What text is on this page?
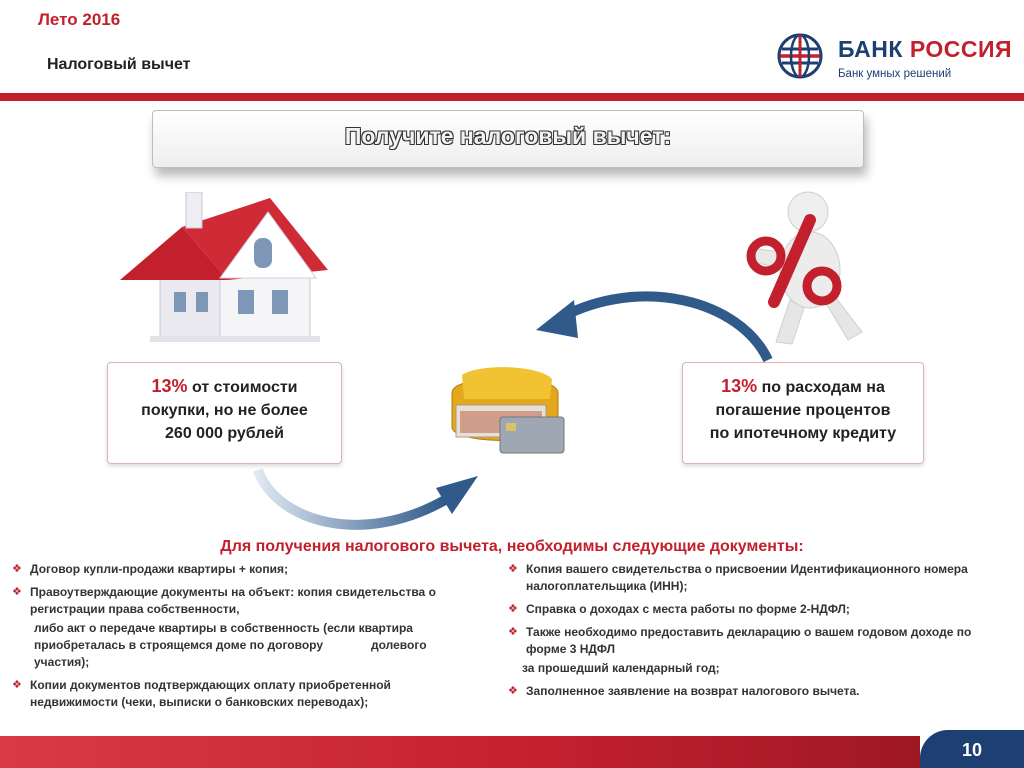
Лето 2016
Налоговый вычет
БАНК РОССИЯ
Банк умных решений
Получите налоговый вычет:
13% от стоимости
покупки, но не более
260 000 рублей
13% по расходам на
погашение процентов
по ипотечному кредиту
Для получения налогового вычета, необходимы следующие документы:
❖ Договор купли-продажи квартиры + копия;
❖ Правоутверждающие документы на объект: копия свидетельства о регистрации права собственности,
либо акт о передаче квартиры в собственность (если квартира приобреталась в строящемся доме по договору	долевого участия);
❖ Копии документов подтверждающих оплату приобретенной недвижимости (чеки, выписки о банковских переводах);
❖ Копия вашего свидетельства о присвоении Идентификационного номера налогоплательщика (ИНН);
❖ Справка о доходах с места работы по форме 2-НДФЛ;
❖ Также необходимо предоставить декларацию о вашем годовом доходе по форме 3 НДФЛ
за прошедший календарный год;
❖ Заполненное заявление на возврат налогового вычета.
10
